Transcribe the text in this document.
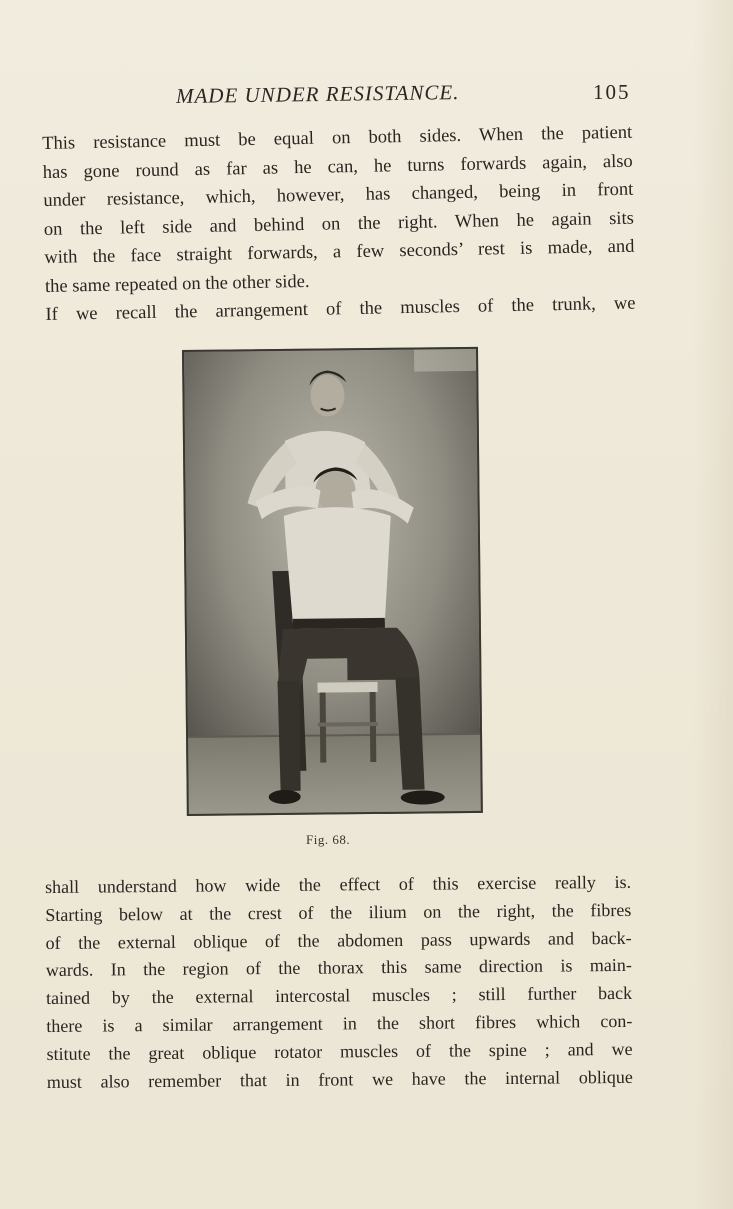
MADE UNDER RESISTANCE.	105
This resistance must be equal on both sides. When the patient
has gone round as far as he can, he turns forwards again, also
under resistance, which, however, has changed, being in front
on the left side and behind on the right. When he again sits
with the face straight forwards, a few seconds’ rest is made, and
the same repeated on the other side.
If we recall the arrangement of the muscles of the trunk, we
Fig. 68.
shall understand how wide the effect of this exercise really is.
Starting below at the crest of the ilium on the right, the fibres
of the external oblique of the abdomen pass upwards and back-
wards. In the region of the thorax this same direction is main-
tained by the external intercostal muscles ; still further back
there is a similar arrangement in the short fibres which con-
stitute the great oblique rotator muscles of the spine ; and we
must also remember that in front we have the internal oblique
